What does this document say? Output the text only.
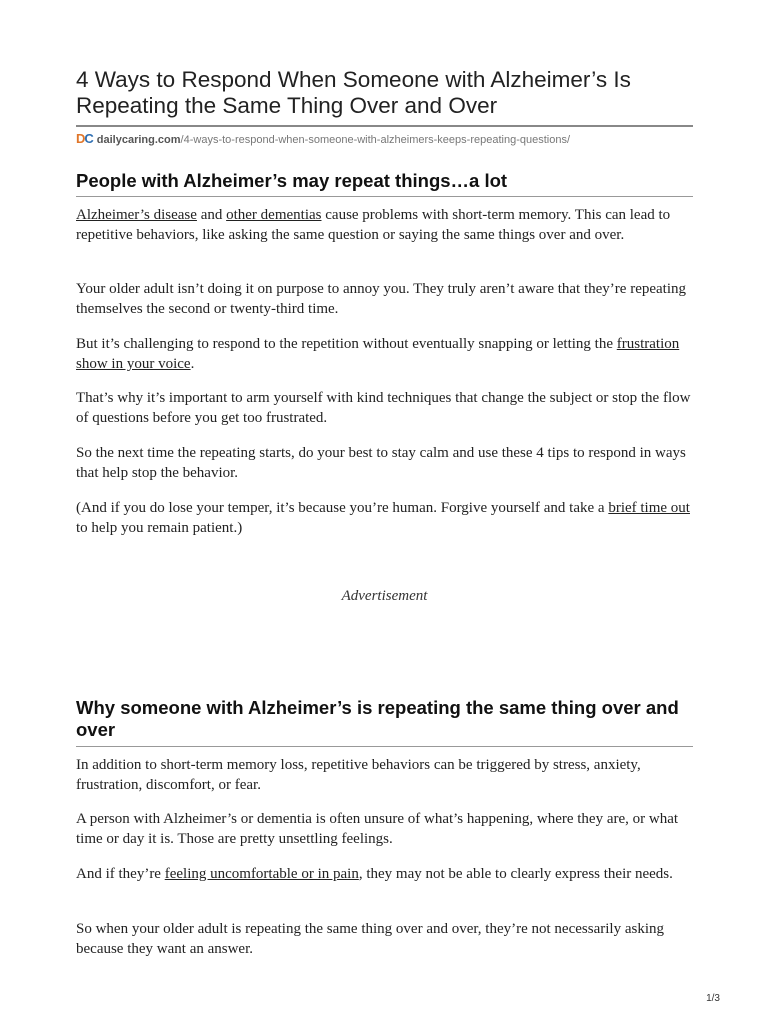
4 Ways to Respond When Someone with Alzheimer’s Is Repeating the Same Thing Over and Over
DC dailycaring.com/4-ways-to-respond-when-someone-with-alzheimers-keeps-repeating-questions/
People with Alzheimer’s may repeat things…a lot

Alzheimer’s disease and other dementias cause problems with short-term memory. This can lead to repetitive behaviors, like asking the same question or saying the same things over and over.

Your older adult isn’t doing it on purpose to annoy you. They truly aren’t aware that they’re repeating themselves the second or twenty-third time.

But it’s challenging to respond to the repetition without eventually snapping or letting the frustration show in your voice.

That’s why it’s important to arm yourself with kind techniques that change the subject or stop the flow of questions before you get too frustrated.

So the next time the repeating starts, do your best to stay calm and use these 4 tips to respond in ways that help stop the behavior.

(And if you do lose your temper, it’s because you’re human. Forgive yourself and take a brief time out to help you remain patient.)

Advertisement
Why someone with Alzheimer’s is repeating the same thing over and over

In addition to short-term memory loss, repetitive behaviors can be triggered by stress, anxiety, frustration, discomfort, or fear.

A person with Alzheimer’s or dementia is often unsure of what’s happening, where they are, or what time or day it is. Those are pretty unsettling feelings.

And if they’re feeling uncomfortable or in pain, they may not be able to clearly express their needs.

So when your older adult is repeating the same thing over and over, they’re not necessarily asking because they want an answer.

1/3
